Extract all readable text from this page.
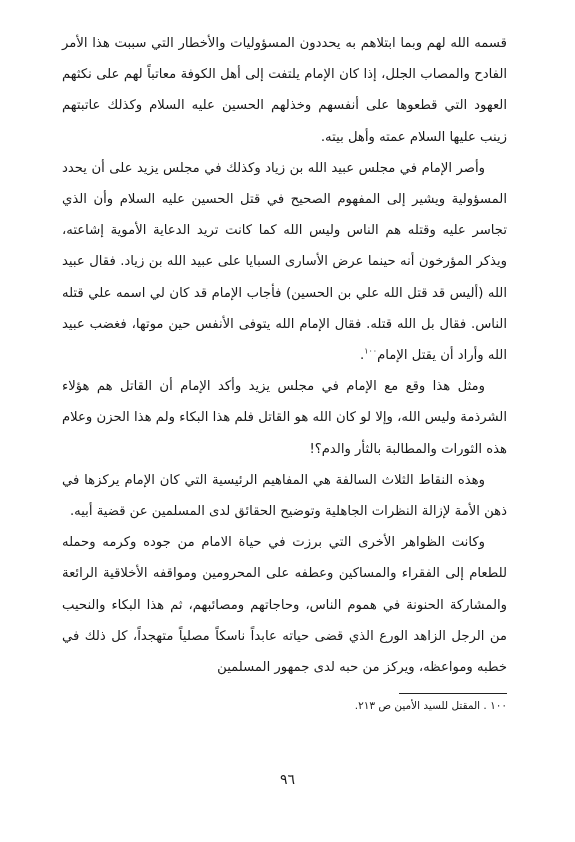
قسمه الله لهم وبما ابتلاهم به يحددون المسؤوليات والأخطار التي سببت هذا الأمر الفادح والمصاب الجلل، إذا كان الإمام يلتفت إلى أهل الكوفة معاتباً لهم على نكثهم العهود التي قطعوها على أنفسهم وخذلهم الحسين عليه السلام وكذلك عاتبتهم زينب عليها السلام عمته وأهل بيته.

وأصر الإمام في مجلس عبيد الله بن زياد وكذلك في مجلس يزيد على أن يحدد المسؤولية ويشير إلى المفهوم الصحيح في قتل الحسين عليه السلام وأن الذي تجاسر عليه وقتله هم الناس وليس الله كما كانت تريد الدعاية الأموية إشاعته، ويذكر المؤرخون أنه حينما عرض الأسارى السبايا على عبيد الله بن زياد. فقال عبيد الله (أليس قد قتل الله علي بن الحسين) فأجاب الإمام قد كان لي اسمه علي قتله الناس. فقال بل الله قتله. فقال الإمام الله يتوفى الأنفس حين موتها، فغضب عبيد الله وأراد أن يقتل الإمام$^{١٠٠}$.

ومثل هذا وقع مع الإمام في مجلس يزيد وأكد الإمام أن القاتل هم هؤلاء الشرذمة وليس الله، وإلا لو كان الله هو القاتل فلم هذا البكاء ولم هذا الحزن وعلام هذه الثورات والمطالبة بالثأر والدم؟!

وهذه النقاط الثلاث السالفة هي المفاهيم الرئيسية التي كان الإمام يركزها في ذهن الأمة لإزالة النظرات الجاهلية وتوضيح الحقائق لدى المسلمين عن قضية أبيه.

وكانت الظواهر الأخرى التي برزت في حياة الامام من جوده وكرمه وحمله للطعام إلى الفقراء والمساكين وعطفه على المحرومين ومواقفه الأخلاقية الرائعة والمشاركة الحنونة في هموم الناس، وحاجاتهم ومصائبهم، ثم هذا البكاء والنحيب من الرجل الزاهد الورع الذي قضى حياته عابداً ناسكاً مصلياً متهجداً، كل ذلك في خطبه ومواعظه، ويركز من حبه لدى جمهور المسلمين

١٠٠ . المقتل للسيد الأمين ص ٢١٣.
٩٦
